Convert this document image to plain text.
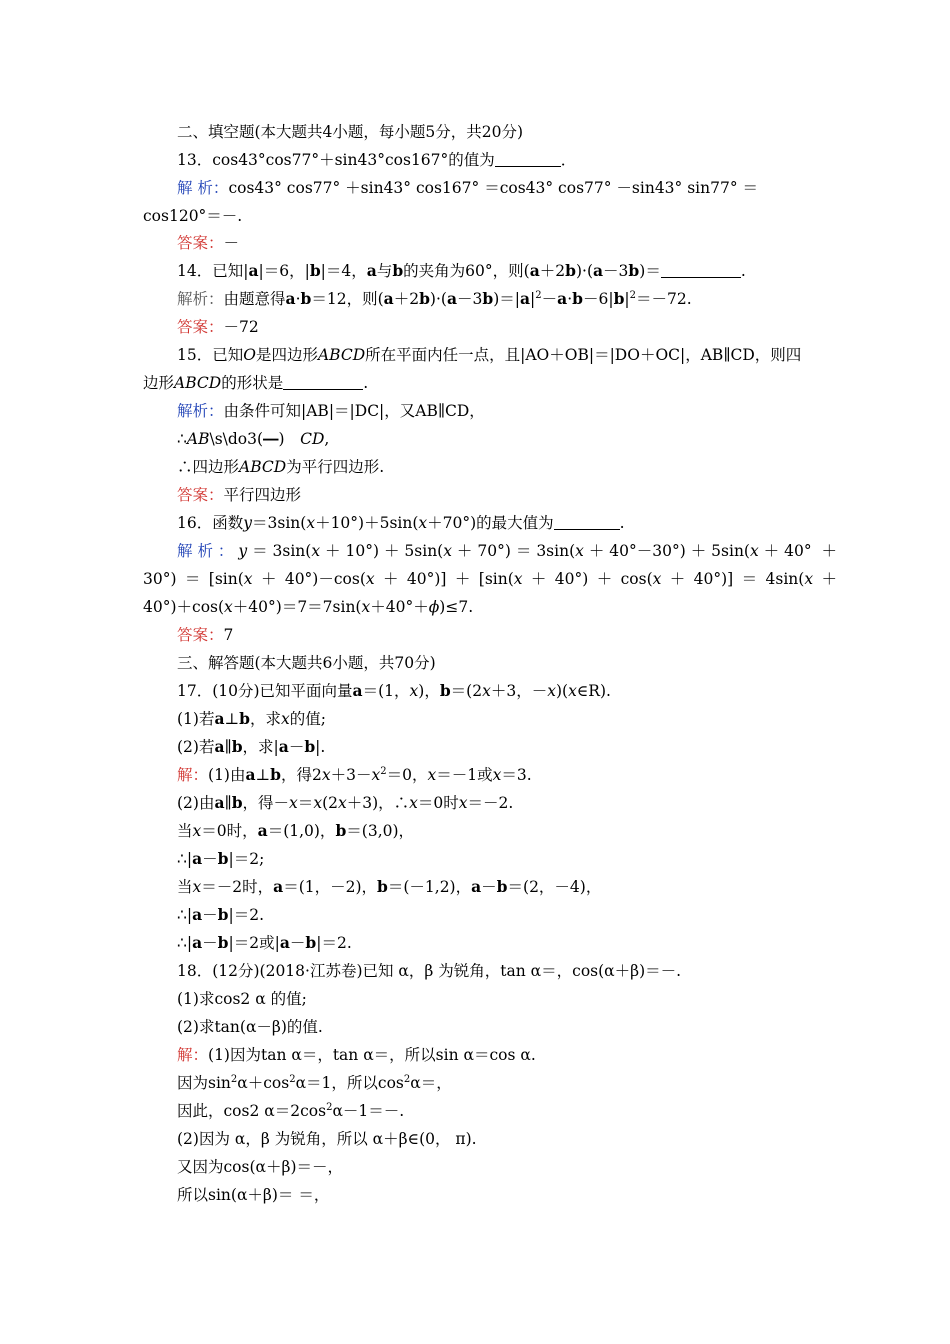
二、填空题(本大题共4小题，每小题5分，共20分)
13．cos43°cos77°＋sin43°cos167°的值为	．
解 析：cos43° cos77° ＋sin43° cos167° ＝cos43° cos77° －sin43° sin77° ＝
cos120°＝－.
答案：－
14．已知|a|＝6，|b|＝4，a与b的夹角为60°，则(a＋2b)·(a－3b)＝	.
解析：由题意得a·b＝12，则$(a+2b)\cdot(a-3b)=|a|^2-a\cdot b-6|b|^2=-72$.
答案：－72
15．已知O是四边形ABCD所在平面内任一点，且|AO＋OB|＝|DO＋OC|，AB∥CD，则四
边形ABCD的形状是	.
解析：由条件可知|AB|＝|DC|，又AB∥CD，
∴AB\s\do3(―)　CD,
∴四边形ABCD为平行四边形.
答案：平行四边形
16．函数y＝3sin(x＋10°)＋5sin(x＋70°)的最大值为	.
解析：y＝3sin(x＋10°)＋5sin(x＋70°)＝3sin(x＋40°－30°)＋5sin(x＋40° ＋
30°)＝[sin(x＋40°)－cos(x＋40°)]＋[sin(x＋40°)＋cos(x＋40°)]＝4sin(x＋
40°)＋cos(x＋40°)＝7＝7sin(x＋40°＋ϕ)≤7.
答案：7
三、解答题(本大题共6小题，共70分)
17．(10分)已知平面向量a＝(1，x)，b＝(2x＋3，－x)(x∈R).
(1)若a⊥b，求x的值;
(2)若a∥b，求|a－b|.
解：(1)由a⊥b，得$2x+3-x^2=0$，x＝－1或x＝3.
(2)由a∥b，得－x＝x(2x＋3)，∴x＝0时x＝－2.
当x＝0时，a＝(1,0)，b＝(3,0)，
∴|a－b|＝2;
当x＝－2时，a＝(1，－2)，b＝(－1,2)，a－b＝(2，－4)，
∴|a－b|＝2.
∴|a－b|＝2或|a－b|＝2.
18．(12分)(2018·江苏卷)已知 α，β 为锐角，tan α＝，cos(α＋β)＝－.
(1)求cos2 α 的值;
(2)求tan(α－β)的值.
解：(1)因为tan α＝，tan α＝，所以sin α＝cos α.
因为$\sin^2\alpha+\cos^2\alpha=1$，所以$\cos^2\alpha=$，
因此，cos2 $\alpha=2\cos^2\alpha-1=-$.
(2)因为 α，β 为锐角，所以 α＋β∈(0， π).
又因为cos(α＋β)＝－，
所以sin(α＋β)＝ ＝，
